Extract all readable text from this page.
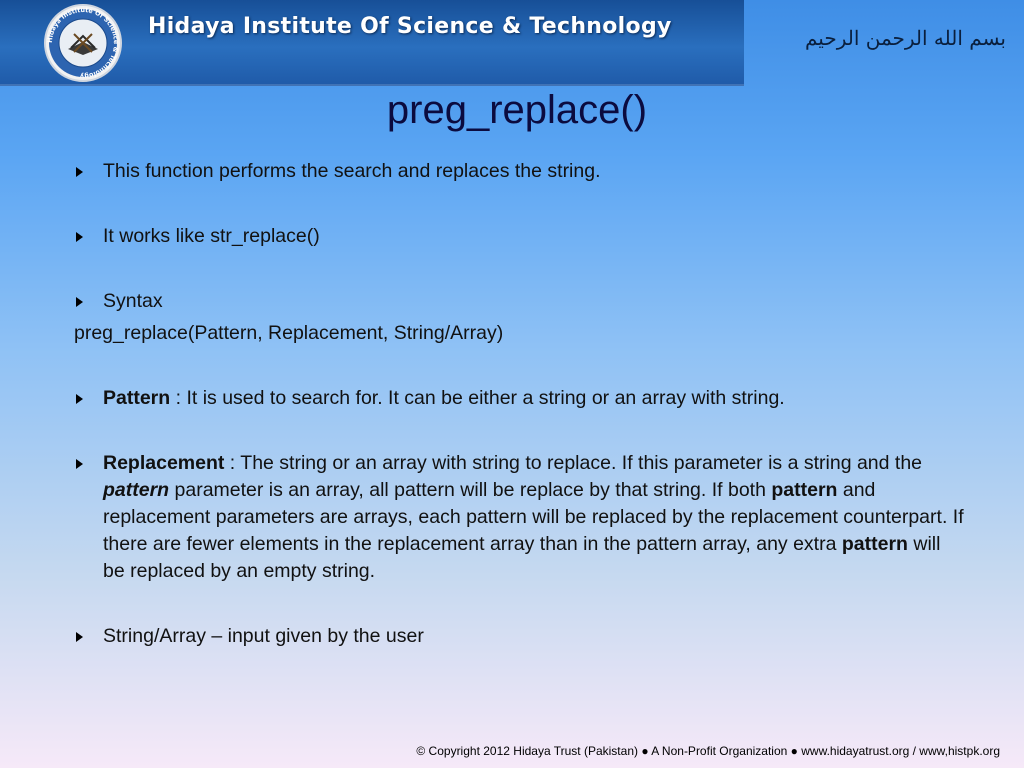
Hidaya Institute Of Science & Technology
Hidaya Institute Of Science & Technology	بسم الله الرحمن الرحيم
preg_replace()

This function performs the search and replaces the string.

It works like str_replace()

Syntax

preg_replace(Pattern, Replacement, String/Array)

Pattern : It is used to search for. It can be either a string or an array with string.

Replacement : The string or an array with string to replace. If this parameter is a string and the pattern parameter is an array, all pattern will be replace by that string. If both pattern and replacement parameters are arrays, each pattern will be replaced by the replacement counterpart. If there are fewer elements in the replacement array than in the pattern array, any extra pattern will be replaced by an empty string.

String/Array – input given by the user

© Copyright 2012 Hidaya Trust (Pakistan) ● A Non-Profit Organization ● www.hidayatrust.org / www,histpk.org
